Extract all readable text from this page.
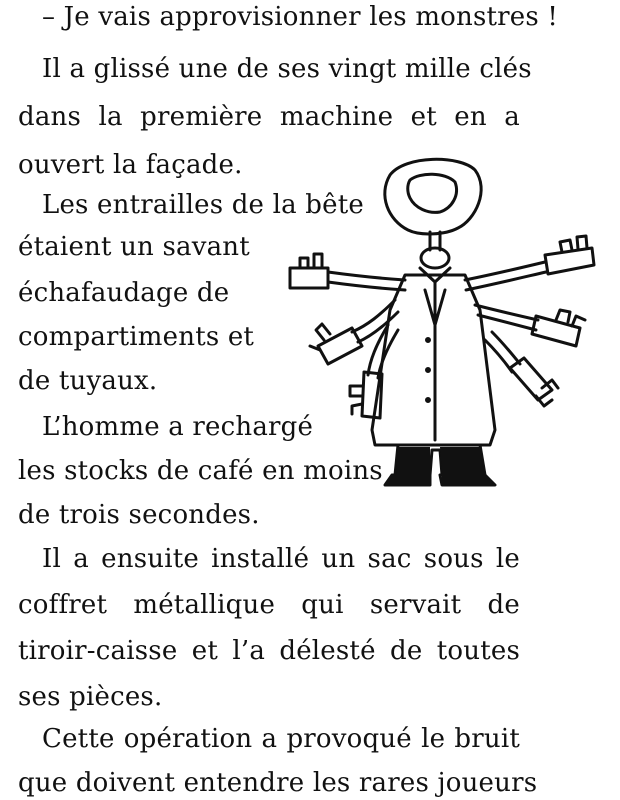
– Je vais approvisionner les monstres !
Il a glissé une de ses vingt mille clés
dans la première machine et en a
ouvert la façade.
Les entrailles de la bête
étaient un savant
échafaudage de
compartiments et
de tuyaux.
L’homme a rechargé
les stocks de café en moins
de trois secondes.
Il a ensuite installé un sac sous le
coffret métallique qui servait de
tiroir-caisse et l’a délesté de toutes
ses pièces.
Cette opération a provoqué le bruit
que doivent entendre les rares joueurs
